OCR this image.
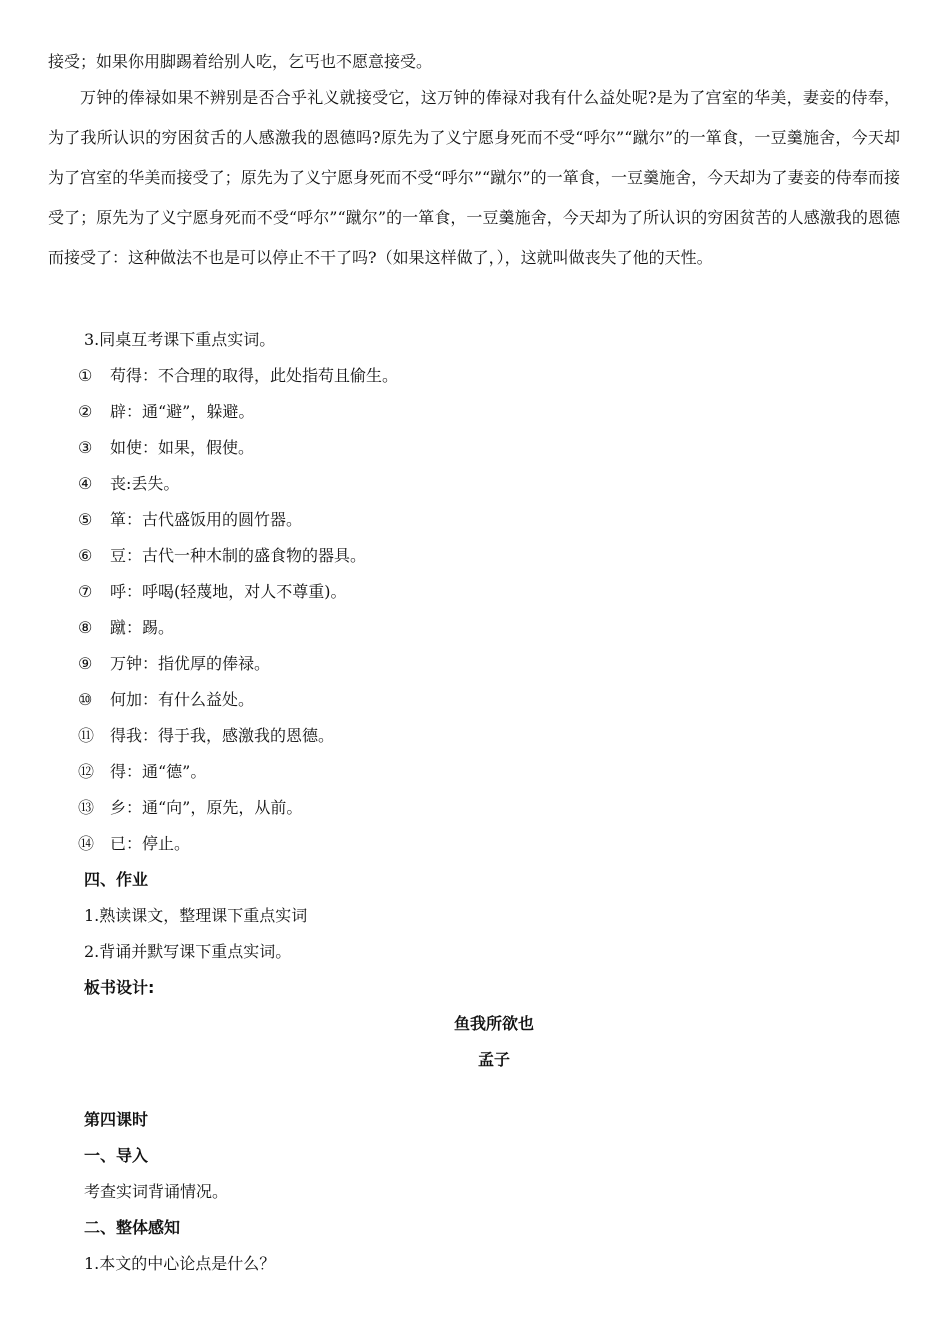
接受；如果你用脚踢着给别人吃，乞丐也不愿意接受。
万钟的俸禄如果不辨别是否合乎礼义就接受它，这万钟的俸禄对我有什么益处呢?是为了宫室的华美，妻妾的侍奉，为了我所认识的穷困贫舌的人感激我的恩德吗?原先为了义宁愿身死而不受“呼尔”“蹴尔”的一箪食，一豆羹施舍，今天却为了宫室的华美而接受了；原先为了义宁愿身死而不受“呼尔”“蹴尔”的一箪食，一豆羹施舍，今天却为了妻妾的侍奉而接受了；原先为了义宁愿身死而不受“呼尔”“蹴尔”的一箪食，一豆羹施舍，今天却为了所认识的穷困贫苦的人感激我的恩德而接受了：这种做法不也是可以停止不干了吗?（如果这样做了，），这就叫做丧失了他的天性。
3.同桌互考课下重点实词。
① 苟得：不合理的取得，此处指苟且偷生。
② 辟：通“避”，躲避。
③ 如使：如果，假使。
④ 丧:丢失。
⑤ 箪：古代盛饭用的圆竹器。
⑥ 豆：古代一种木制的盛食物的器具。
⑦ 呼：呼喝(轻蔑地，对人不尊重)。
⑧ 蹴：踢。
⑨ 万钟：指优厚的俸禄。
⑩ 何加：有什么益处。
⑪ 得我：得于我，感激我的恩德。
⑫ 得：通“德”。
⑬ 乡：通“向”，原先，从前。
⑭ 已：停止。
四、作业
1.熟读课文，整理课下重点实词
2.背诵并默写课下重点实词。
板书设计:
鱼我所欲也
孟子
第四课时
一、导入
考查实词背诵情况。
二、整体感知
1.本文的中心论点是什么？
